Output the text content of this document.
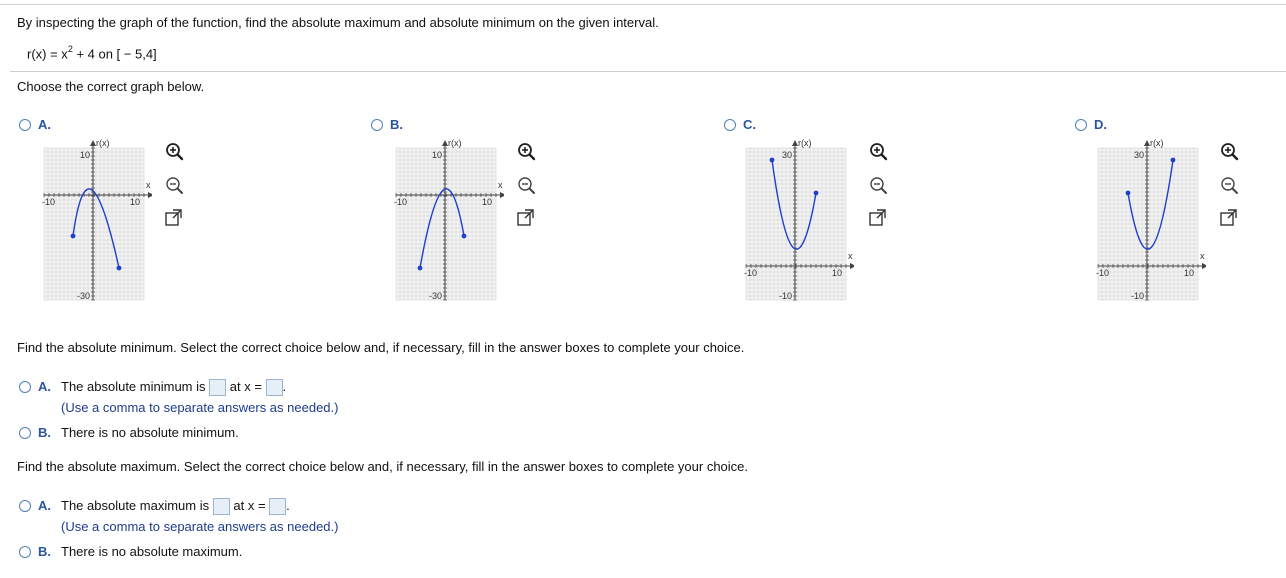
By inspecting the graph of the function, find the absolute maximum and absolute minimum on the given interval.
$r(x) = x^2 + 4$ on [ − 5,4]
Choose the correct graph below.
A.
r(x)
x
10
-30
-10	10
B.
r(x)
x
10
-30
-10	10
C.
r(x)
x
30
-10
-10	10
D.
r(x)
x
30
-10
-10	10
Find the absolute minimum. Select the correct choice below and, if necessary, fill in the answer boxes to complete your choice.
A. The absolute minimum is at x = .
(Use a comma to separate answers as needed.)
B. There is no absolute minimum.
Find the absolute maximum. Select the correct choice below and, if necessary, fill in the answer boxes to complete your choice.
A. The absolute maximum is at x = .
(Use a comma to separate answers as needed.)
B. There is no absolute maximum.
